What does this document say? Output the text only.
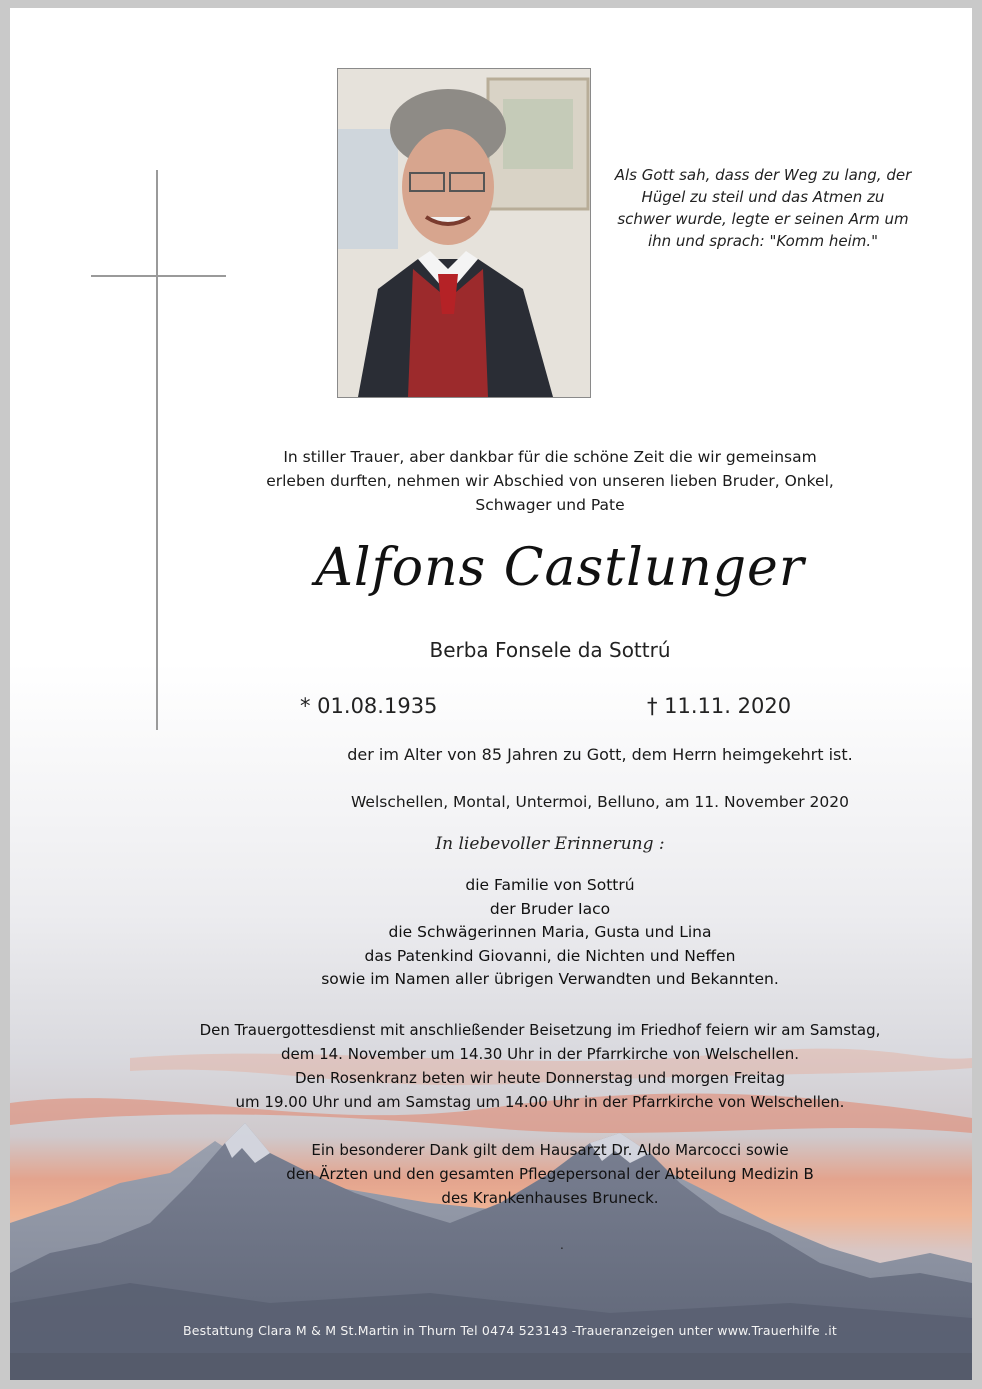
Als Gott sah, dass der Weg zu lang, der
Hügel zu steil und das Atmen zu
schwer wurde, legte er seinen Arm um
ihn und sprach: "Komm heim."
In stiller Trauer, aber dankbar für die schöne Zeit die wir gemeinsam
erleben durften, nehmen wir Abschied von unseren lieben Bruder, Onkel,
Schwager und Pate
Alfons Castlunger
Berba Fonsele da Sottrú
* 01.08.1935	† 11.11. 2020
der im Alter von 85 Jahren zu Gott, dem Herrn heimgekehrt ist.
Welschellen, Montal, Untermoi, Belluno, am 11. November 2020
In liebevoller Erinnerung :
die Familie von Sottrú
der Bruder Iaco
die Schwägerinnen Maria, Gusta und Lina
das Patenkind Giovanni, die Nichten und Neffen
sowie im Namen aller übrigen Verwandten und Bekannten.
Den Trauergottesdienst mit anschließender Beisetzung im Friedhof feiern wir am Samstag,
dem 14. November um 14.30 Uhr in der Pfarrkirche von Welschellen.
Den Rosenkranz beten wir heute Donnerstag und morgen Freitag
um 19.00 Uhr und am Samstag um 14.00 Uhr in der Pfarrkirche von Welschellen.
Ein besonderer Dank gilt dem Hausarzt Dr. Aldo Marcocci sowie
den Ärzten und den gesamten Pflegepersonal der Abteilung Medizin B
des Krankenhauses Bruneck.
.
Bestattung Clara M & M St.Martin in Thurn Tel 0474 523143 -Traueranzeigen unter www.Trauerhilfe .it
